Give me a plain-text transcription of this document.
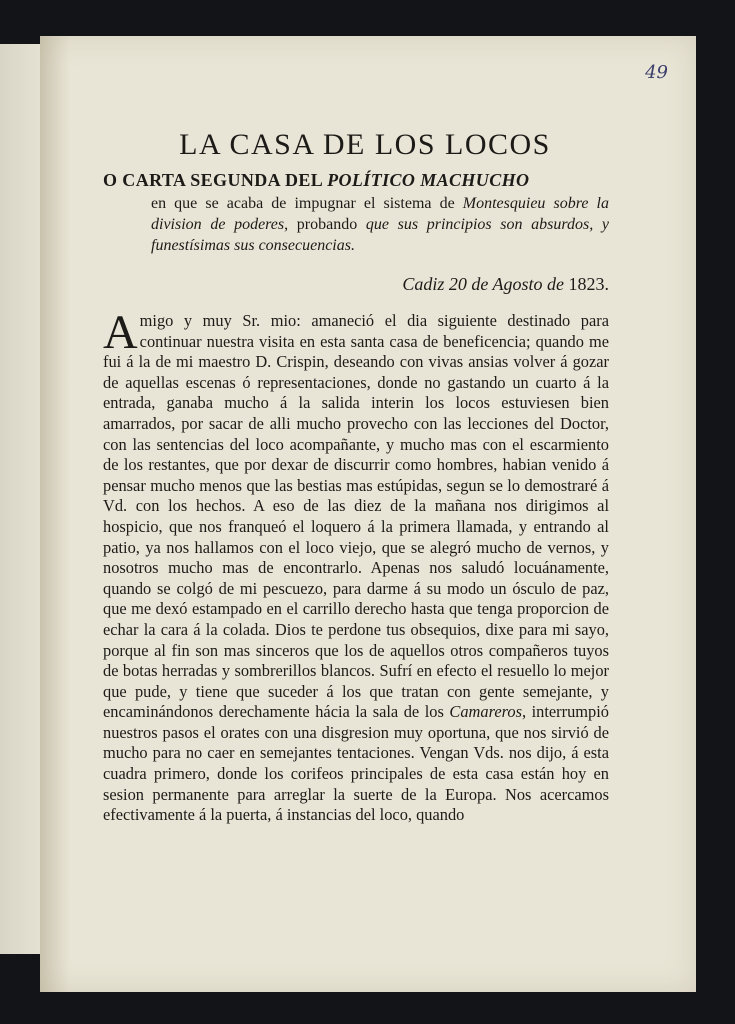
49
LA CASA DE LOS LOCOS

O CARTA SEGUNDA DEL POLÍTICO MACHUCHO

en que se acaba de impugnar el sistema de Montesquieu sobre la division de poderes, probando que sus principios son absurdos, y funestísimas sus consecuencias.

Cadiz 20 de Agosto de 1823.

Amigo y muy Sr. mio: amaneció el dia siguiente destinado para continuar nuestra visita en esta santa casa de beneficencia; quando me fui á la de mi maestro D. Crispin, deseando con vivas ansias volver á gozar de aquellas escenas ó representaciones, donde no gastando un cuarto á la entrada, ganaba mucho á la salida interin los locos estuviesen bien amarrados, por sacar de alli mucho provecho con las lecciones del Doctor, con las sentencias del loco acompañante, y mucho mas con el escarmiento de los restantes, que por dexar de discurrir como hombres, habian venido á pensar mucho menos que las bestias mas estúpidas, segun se lo demostraré á Vd. con los hechos. A eso de las diez de la mañana nos dirigimos al hospicio, que nos franqueó el loquero á la primera llamada, y entrando al patio, ya nos hallamos con el loco viejo, que se alegró mucho de vernos, y nosotros mucho mas de encontrarlo. Apenas nos saludó locuánamente, quando se colgó de mi pescuezo, para darme á su modo un ósculo de paz, que me dexó estampado en el carrillo derecho hasta que tenga proporcion de echar la cara á la colada. Dios te perdone tus obsequios, dixe para mi sayo, porque al fin son mas sinceros que los de aquellos otros compañeros tuyos de botas herradas y sombrerillos blancos. Sufrí en efecto el resuello lo mejor que pude, y tiene que suceder á los que tratan con gente semejante, y encaminándonos derechamente hácia la sala de los Camareros, interrumpió nuestros pasos el orates con una disgresion muy oportuna, que nos sirvió de mucho para no caer en semejantes tentaciones. Vengan Vds. nos dijo, á esta cuadra primero, donde los corifeos principales de esta casa están hoy en sesion permanente para arreglar la suerte de la Europa. Nos acercamos efectivamente á la puerta, á instancias del loco, quando
